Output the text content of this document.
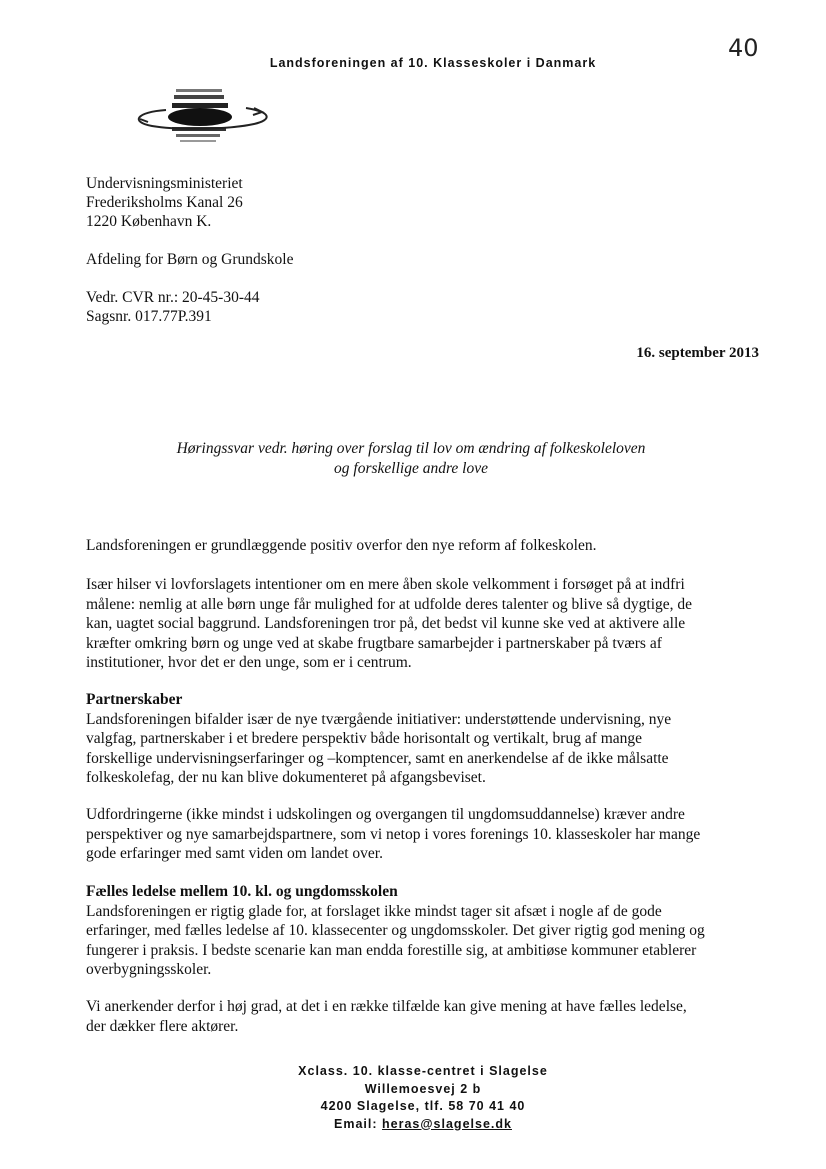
Landsforeningen af 10. Klasseskoler i Danmark
40
Undervisningsministeriet
Frederiksholms Kanal 26
1220 København K.
Afdeling for Børn og Grundskole
Vedr. CVR nr.: 20-45-30-44
Sagsnr. 017.77P.391
16. september 2013
Høringssvar vedr. høring over forslag til lov om ændring af folkeskoleloven
og forskellige andre love
Landsforeningen er grundlæggende positiv overfor den nye reform af folkeskolen.
Især hilser vi lovforslagets intentioner om en mere åben skole velkomment i forsøget på at indfri
målene: nemlig at alle børn unge får mulighed for at udfolde deres talenter og blive så dygtige, de
kan, uagtet social baggrund. Landsforeningen tror på, det bedst vil kunne ske ved at aktivere alle
kræfter omkring børn og unge ved at skabe frugtbare samarbejder i partnerskaber på tværs af
institutioner, hvor det er den unge, som er i centrum.
Partnerskaber
Landsforeningen bifalder især de nye tværgående initiativer: understøttende undervisning, nye
valgfag, partnerskaber i et bredere perspektiv både horisontalt og vertikalt, brug af mange
forskellige undervisningserfaringer og –komptencer, samt en anerkendelse af de ikke målsatte
folkeskolefag, der nu kan blive dokumenteret på afgangsbeviset.
Udfordringerne (ikke mindst i udskolingen og overgangen til ungdomsuddannelse) kræver andre
perspektiver og nye samarbejdspartnere, som vi netop i vores forenings 10. klasseskoler har mange
gode erfaringer med samt viden om landet over.
Fælles ledelse mellem 10. kl. og ungdomsskolen
Landsforeningen er rigtig glade for, at forslaget ikke mindst tager sit afsæt i nogle af de gode
erfaringer, med fælles ledelse af 10. klassecenter og ungdomsskoler. Det giver rigtig god mening og
fungerer i praksis. I bedste scenarie kan man endda forestille sig, at ambitiøse kommuner etablerer
overbygningsskoler.
Vi anerkender derfor i høj grad, at det i en række tilfælde kan give mening at have fælles ledelse,
der dækker flere aktører.
Xclass. 10. klasse-centret i Slagelse
Willemoesvej 2 b
4200 Slagelse, tlf. 58 70 41 40
Email: heras@slagelse.dk
